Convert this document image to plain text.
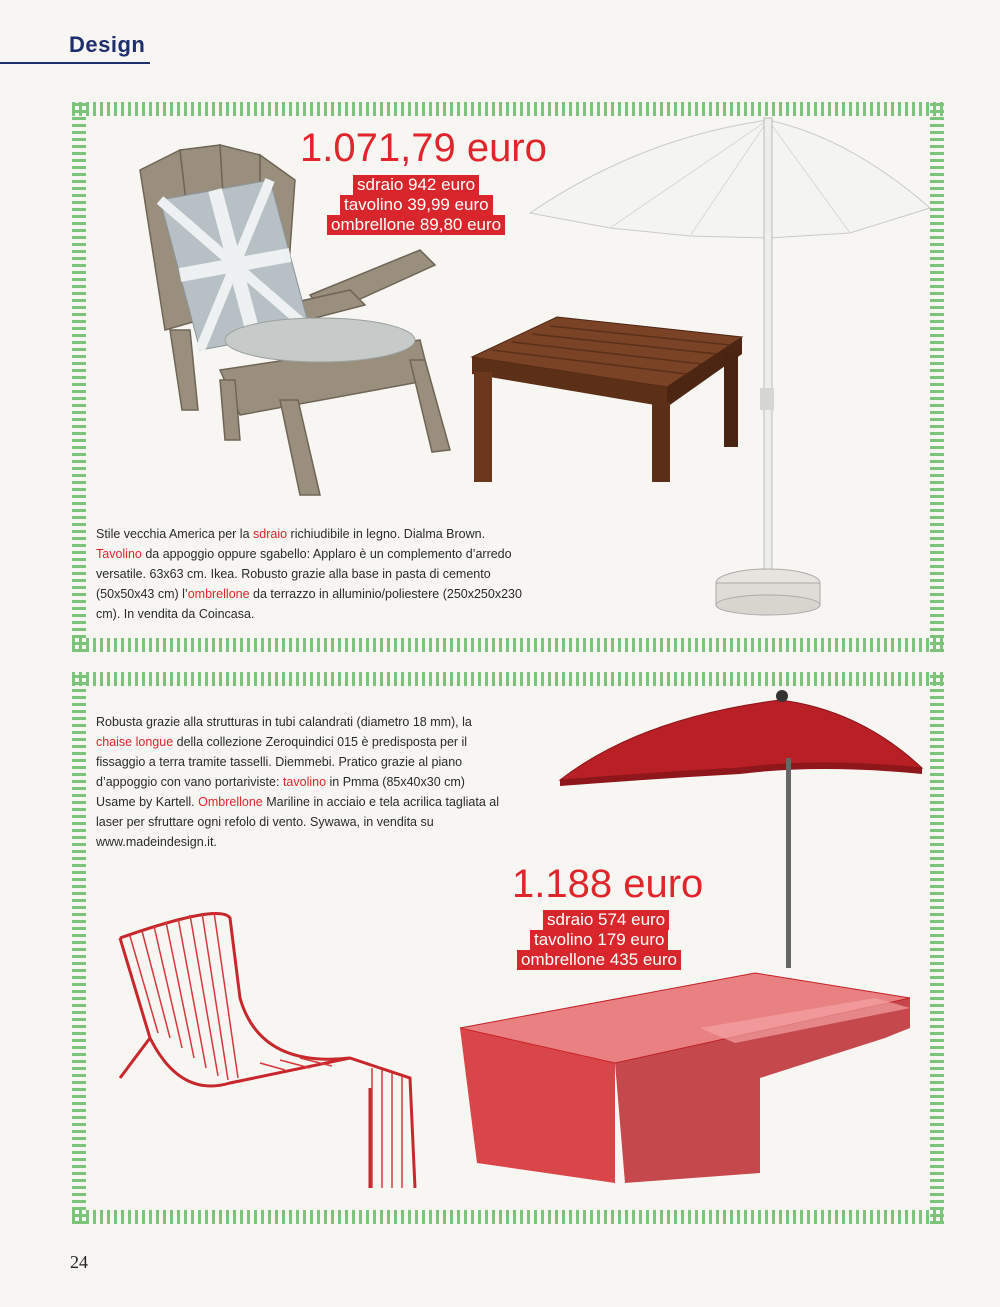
Design
1.071,79 euro
sdraio 942 euro
tavolino 39,99 euro
ombrellone 89,80 euro
Stile vecchia America per la sdraio richiudibile in legno. Dialma Brown.
Tavolino da appoggio oppure sgabello: Applaro è un complemento d’arredo versatile. 63x63 cm. Ikea. Robusto grazie alla base in pasta di cemento (50x50x43 cm) l’ombrellone da terrazzo in alluminio/poliestere (250x250x230 cm). In vendita da Coincasa.
Robusta grazie alla strutturas in tubi calandrati (diametro 18 mm), la chaise longue della collezione Zeroquindici 015 è predisposta per il fissaggio a terra tramite tasselli. Diemmebi. Pratico grazie al piano d’appoggio con vano portariviste: tavolino in Pmma (85x40x30 cm) Usame by Kartell. Ombrellone Mariline in acciaio e tela acrilica tagliata al laser per sfruttare ogni refolo di vento. Sywawa, in vendita su www.madeindesign.it.
1.188 euro
sdraio 574 euro
tavolino 179 euro
ombrellone 435 euro
24
